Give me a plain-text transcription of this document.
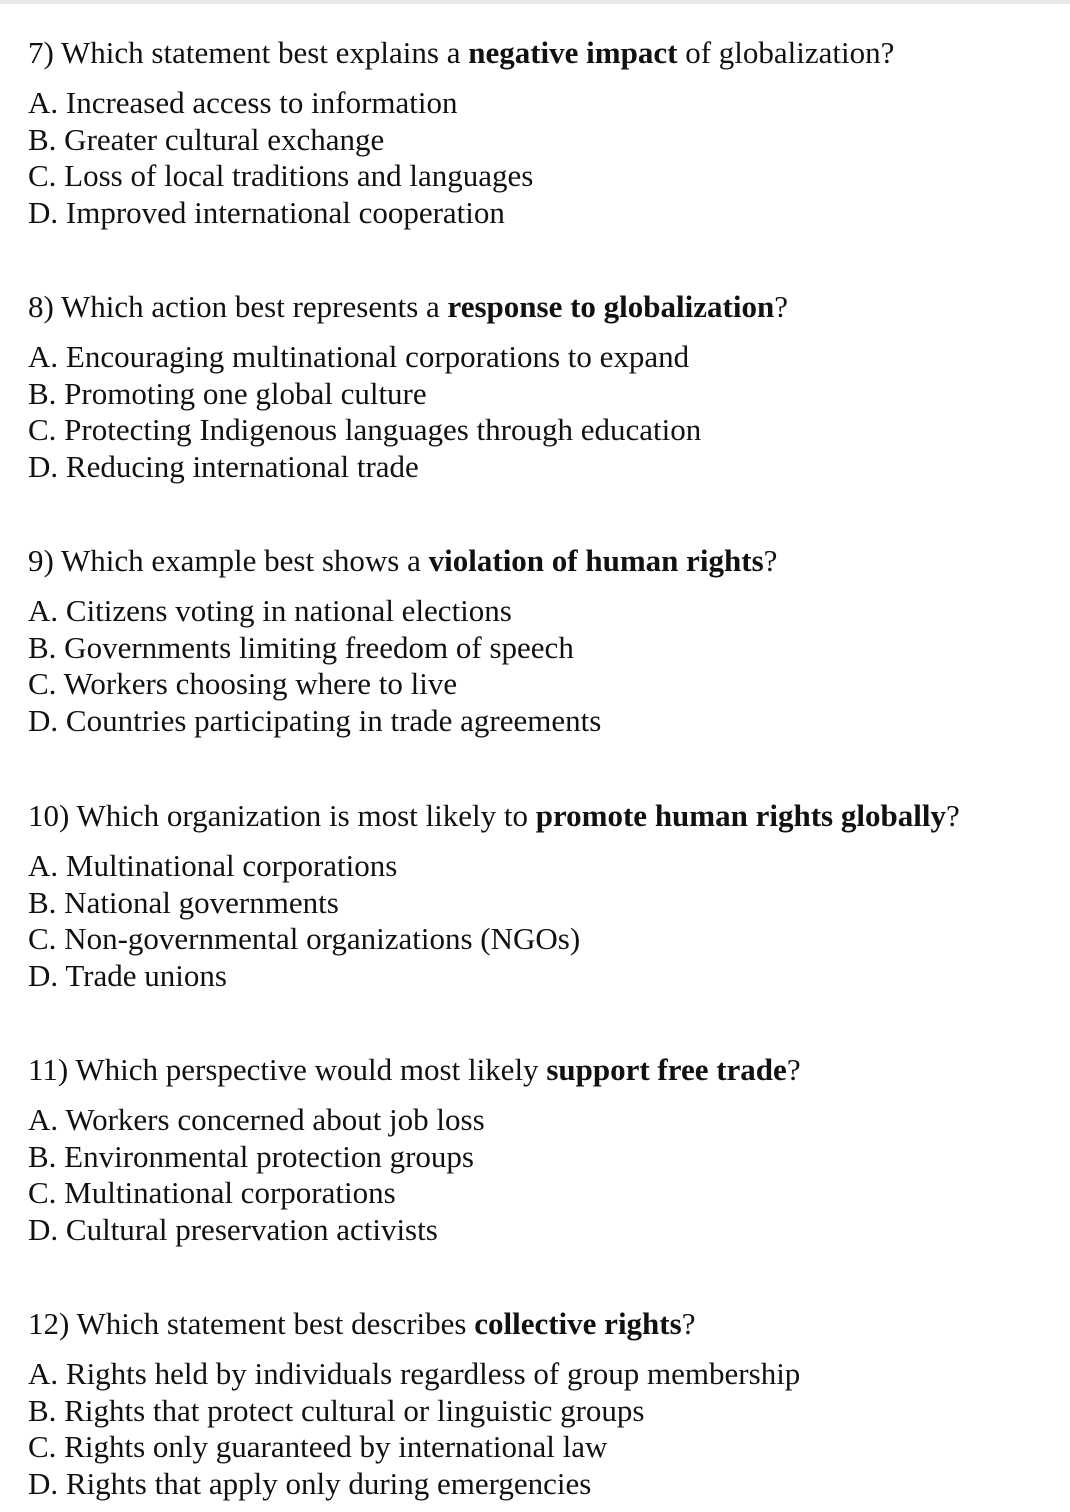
7) Which statement best explains a negative impact of globalization?

A. Increased access to information
B. Greater cultural exchange
C. Loss of local traditions and languages
D. Improved international cooperation

8) Which action best represents a response to globalization?

A. Encouraging multinational corporations to expand
B. Promoting one global culture
C. Protecting Indigenous languages through education
D. Reducing international trade

9) Which example best shows a violation of human rights?

A. Citizens voting in national elections
B. Governments limiting freedom of speech
C. Workers choosing where to live
D. Countries participating in trade agreements

10) Which organization is most likely to promote human rights globally?

A. Multinational corporations
B. National governments
C. Non-governmental organizations (NGOs)
D. Trade unions

11) Which perspective would most likely support free trade?

A. Workers concerned about job loss
B. Environmental protection groups
C. Multinational corporations
D. Cultural preservation activists

12) Which statement best describes collective rights?

A. Rights held by individuals regardless of group membership
B. Rights that protect cultural or linguistic groups
C. Rights only guaranteed by international law
D. Rights that apply only during emergencies
